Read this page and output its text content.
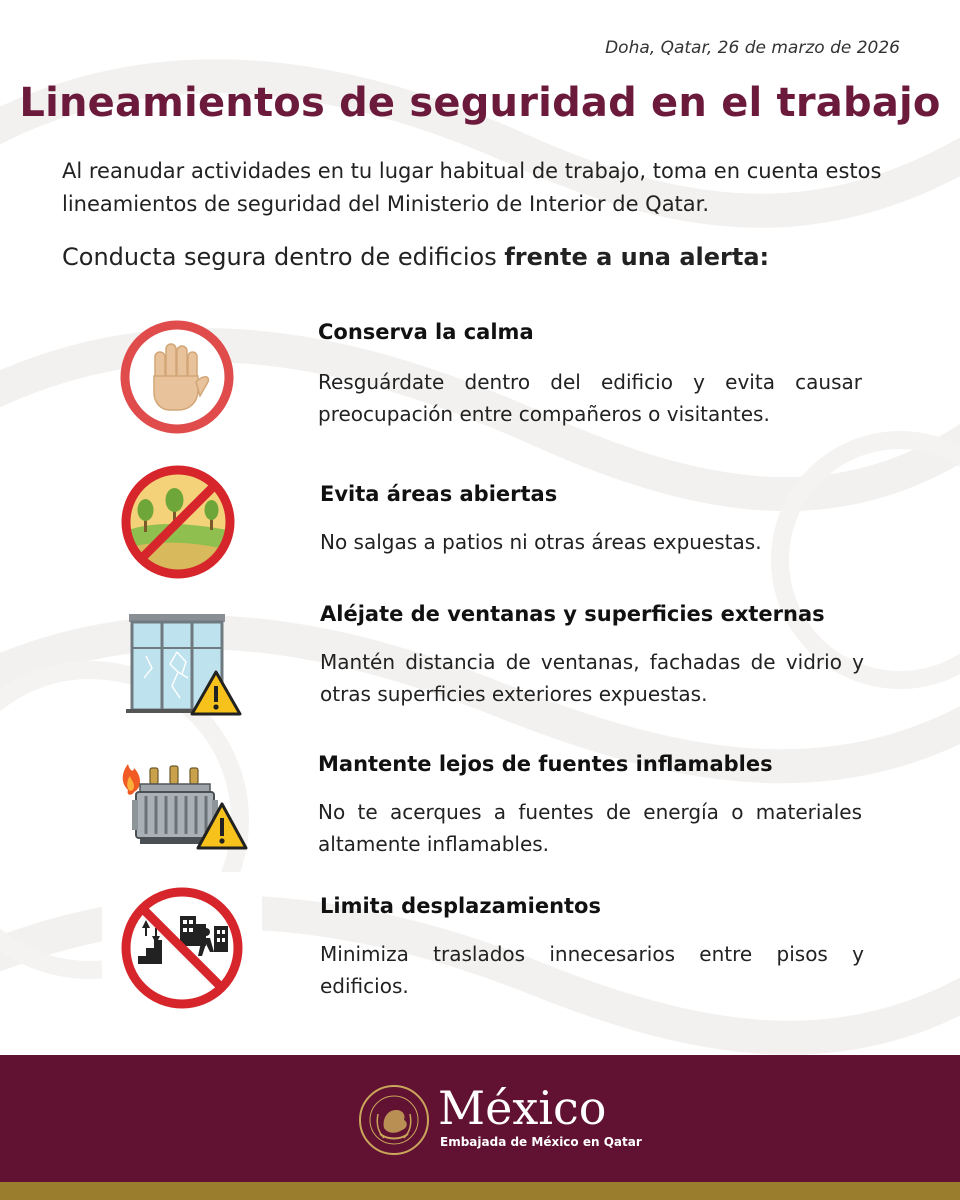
Doha, Qatar, 26 de marzo de 2026
Lineamientos de seguridad en el trabajo
Al reanudar actividades en tu lugar habitual de trabajo, toma en cuenta estos lineamientos de seguridad del Ministerio de Interior de Qatar.
Conducta segura dentro de edificios frente a una alerta:
Conserva la calma
Resguárdate dentro del edificio y evita causar preocupación entre compañeros o visitantes.
Evita áreas abiertas
No salgas a patios ni otras áreas expuestas.
Aléjate de ventanas y superficies externas
Mantén distancia de ventanas, fachadas de vidrio y otras superficies exteriores expuestas.
Mantente lejos de fuentes inflamables
No te acerques a fuentes de energía o materiales altamente inflamables.
Limita desplazamientos
Minimiza traslados innecesarios entre pisos y edificios.
México
Embajada de México en Qatar
